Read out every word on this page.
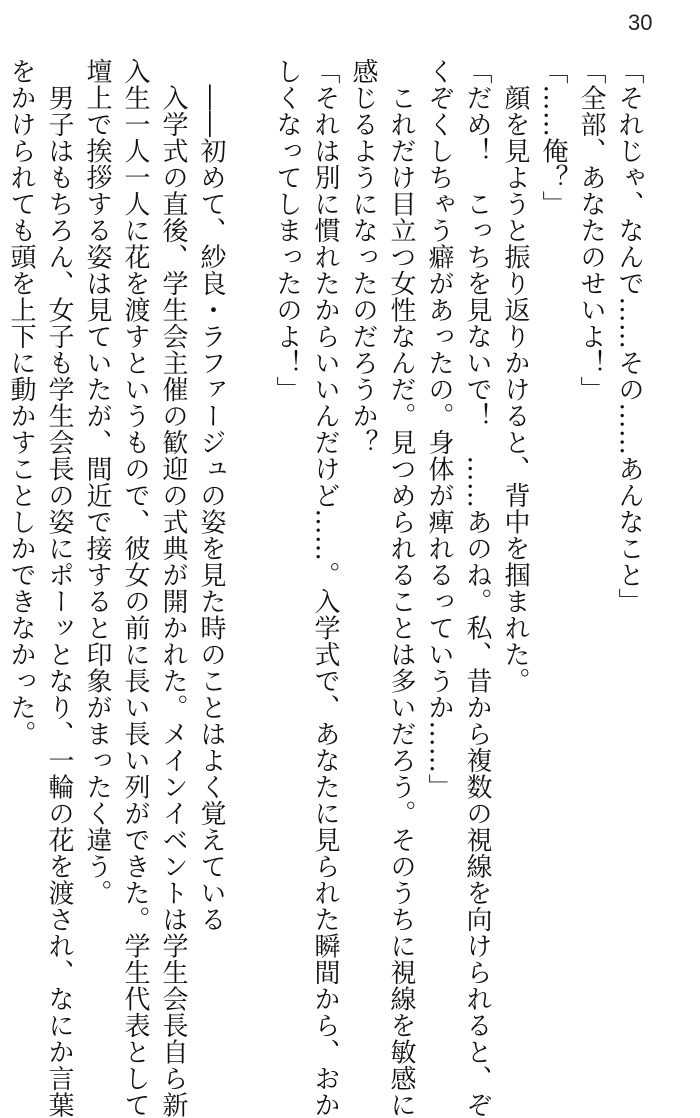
30

「それじゃ、なんで……その……あんなこと」

「全部、あなたのせいよ！」

「……俺？」

　顔を見ようと振り返りかけると、背中を掴まれた。

「だめ！　こっちを見ないで！　……あのね。私、昔から複数の視線を向けられると、ぞ

くぞくしちゃう癖があったの。身体が痺れるっていうか……」

　これだけ目立つ女性なんだ。見つめられることは多いだろう。そのうちに視線を敏感に

感じるようになったのだろうか？

「それは別に慣れたからいいんだけど……。入学式で、あなたに見られた瞬間から、おか

しくなってしまったのよ！」

　――初めて、紗良・ラファージュの姿を見た時のことはよく覚えている

　入学式の直後、学生会主催の歓迎の式典が開かれた。メインイベントは学生会長自ら新

入生一人一人に花を渡すというもので、彼女の前に長い長い列ができた。学生代表として

壇上で挨拶する姿は見ていたが、間近で接すると印象がまったく違う。

　男子はもちろん、女子も学生会長の姿にポーッとなり、一輪の花を渡され、なにか言葉

をかけられても頭を上下に動かすことしかできなかった。
